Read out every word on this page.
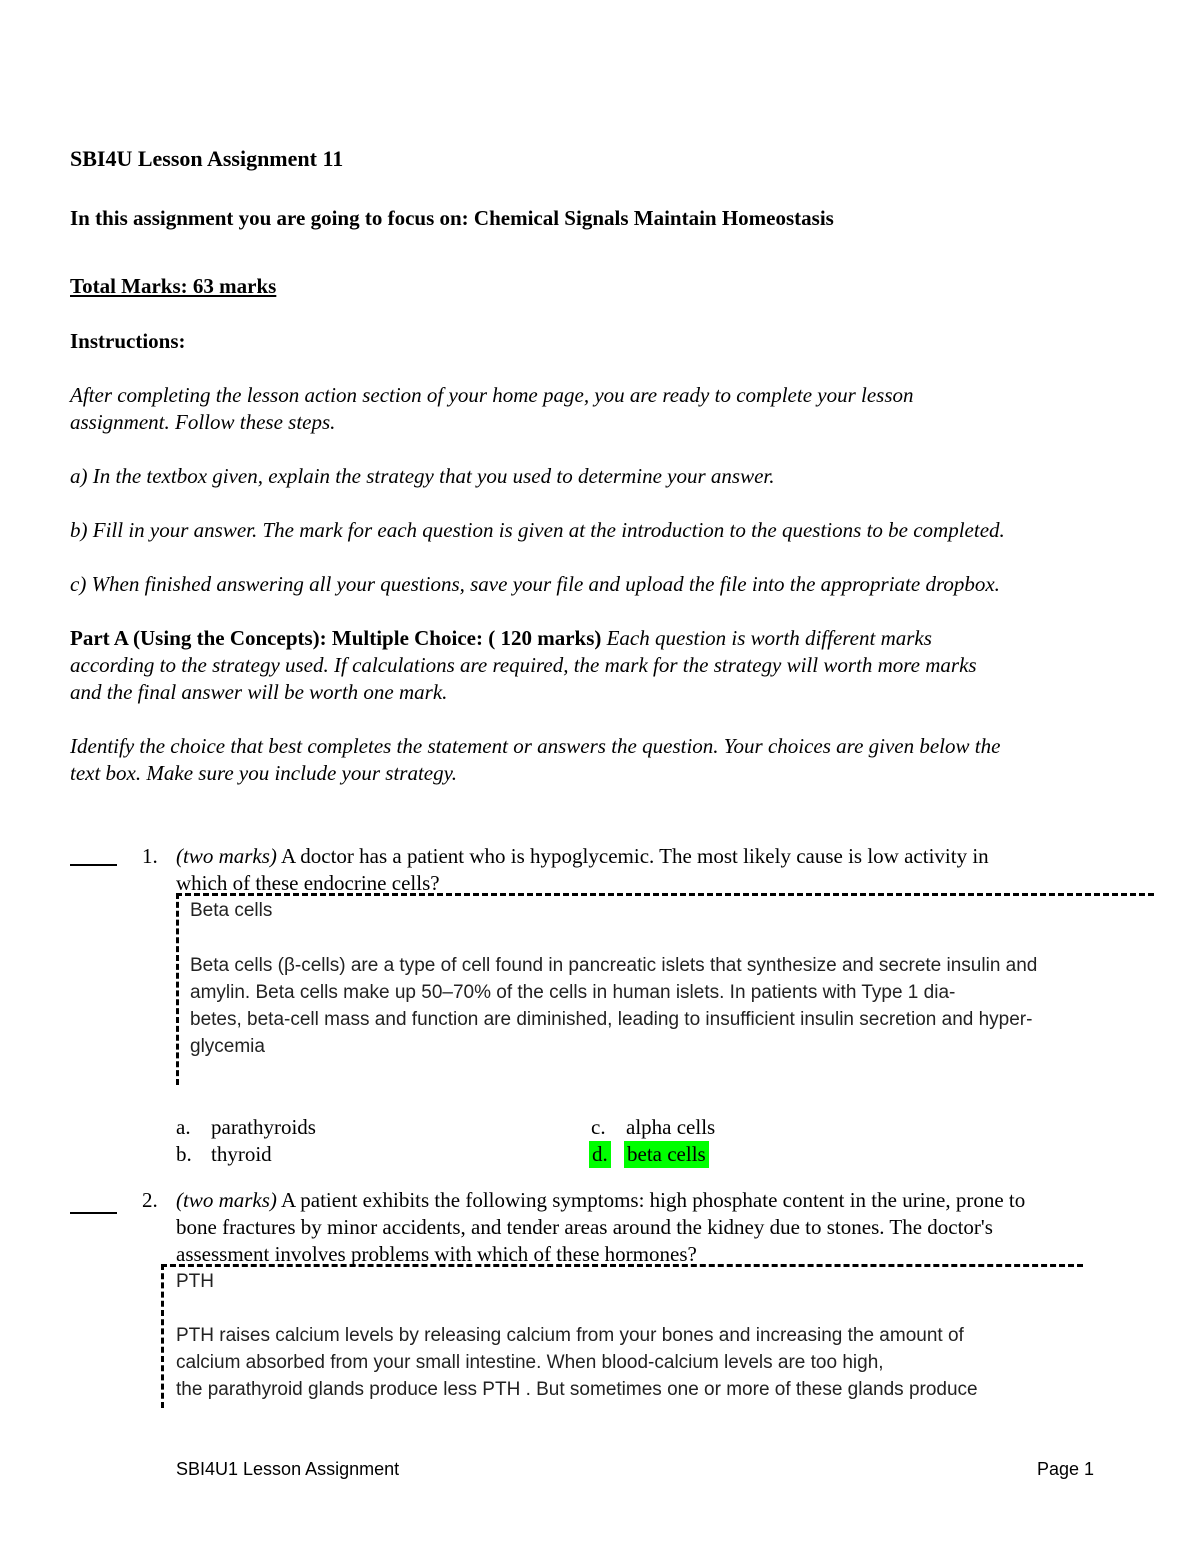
SBI4U Lesson Assignment 11
In this assignment you are going to focus on: Chemical Signals Maintain Homeostasis
Total Marks: 63 marks
Instructions:
After completing the lesson action section of your home page, you are ready to complete your lesson
assignment. Follow these steps.
a) In the textbox given, explain the strategy that you used to determine your answer.
b) Fill in your answer. The mark for each question is given at the introduction to the questions to be completed.
c) When finished answering all your questions, save your file and upload the file into the appropriate dropbox.
Part A (Using the Concepts): Multiple Choice: ( 120 marks) Each question is worth different marks
according to the strategy used. If calculations are required, the mark for the strategy will worth more marks
and the final answer will be worth one mark.
Identify the choice that best completes the statement or answers the question. Your choices are given below the
text box. Make sure you include your strategy.
1. (two marks) A doctor has a patient who is hypoglycemic. The most likely cause is low activity in
which of these endocrine cells?
Beta cells
Beta cells (β-cells) are a type of cell found in pancreatic islets that synthesize and secrete insulin and
amylin. Beta cells make up 50–70% of the cells in human islets. In patients with Type 1 dia-
betes, beta-cell mass and function are diminished, leading to insufficient insulin secretion and hyper-
glycemia
a. parathyroids
b. thyroid
c. alpha cells
d. beta cells
2. (two marks) A patient exhibits the following symptoms: high phosphate content in the urine, prone to
bone fractures by minor accidents, and tender areas around the kidney due to stones. The doctor's
assessment involves problems with which of these hormones?
PTH
PTH raises calcium levels by releasing calcium from your bones and increasing the amount of
calcium absorbed from your small intestine. When blood-calcium levels are too high,
the parathyroid glands produce less PTH . But sometimes one or more of these glands produce
SBI4U1 Lesson Assignment	Page 1
